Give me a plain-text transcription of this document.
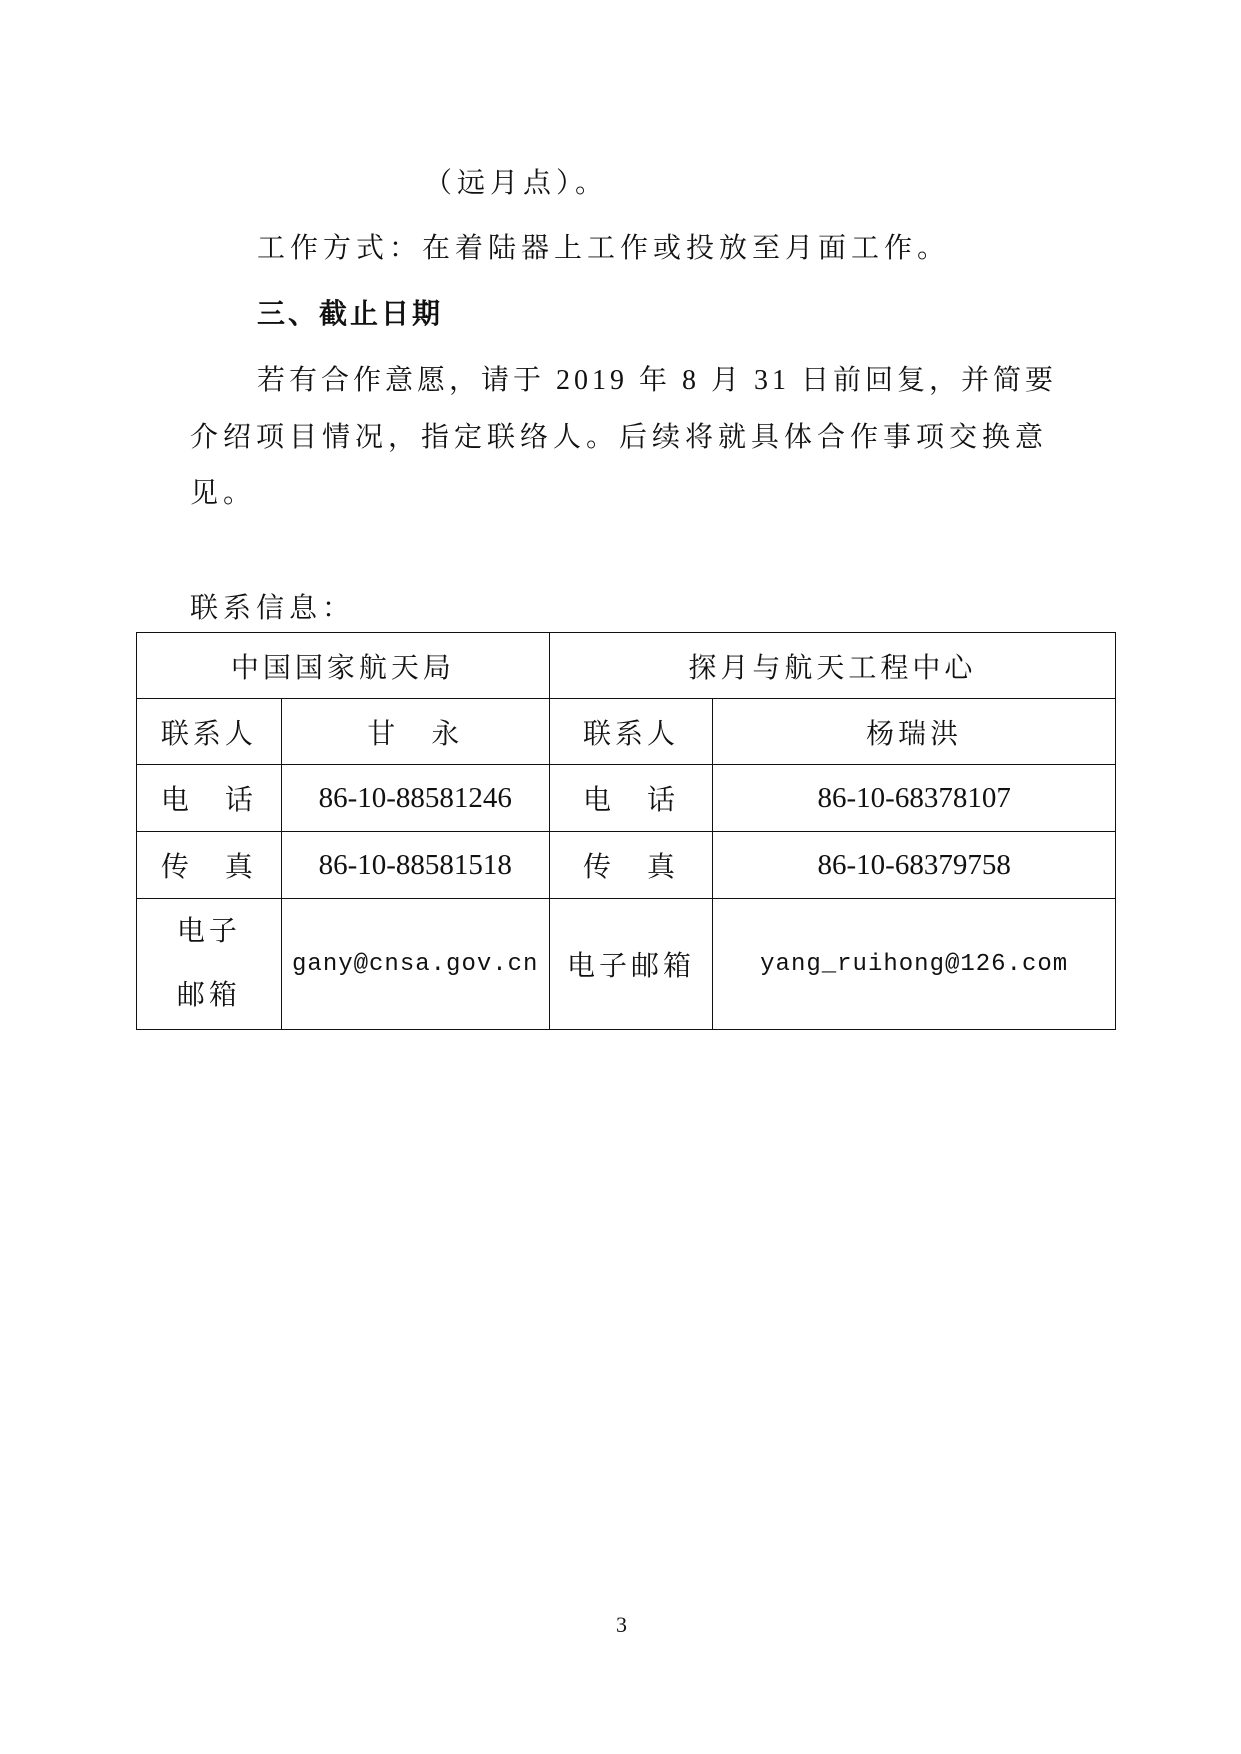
（远月点）。
工作方式：在着陆器上工作或投放至月面工作。
三、截止日期
若有合作意愿，请于 2019 年 8 月 31 日前回复，并简要
介绍项目情况，指定联络人。后续将就具体合作事项交换意
见。
联系信息：
中国国家航天局		探月与航天工程中心	
联系人	甘　永	联系人	杨瑞洪
电　话	86-10-88581246	电　话	86-10-68378107
传　真	86-10-88581518	传　真	86-10-68379758
电子邮箱	gany@cnsa.gov.cn	电子邮箱	yang_ruihong@126.com
3
